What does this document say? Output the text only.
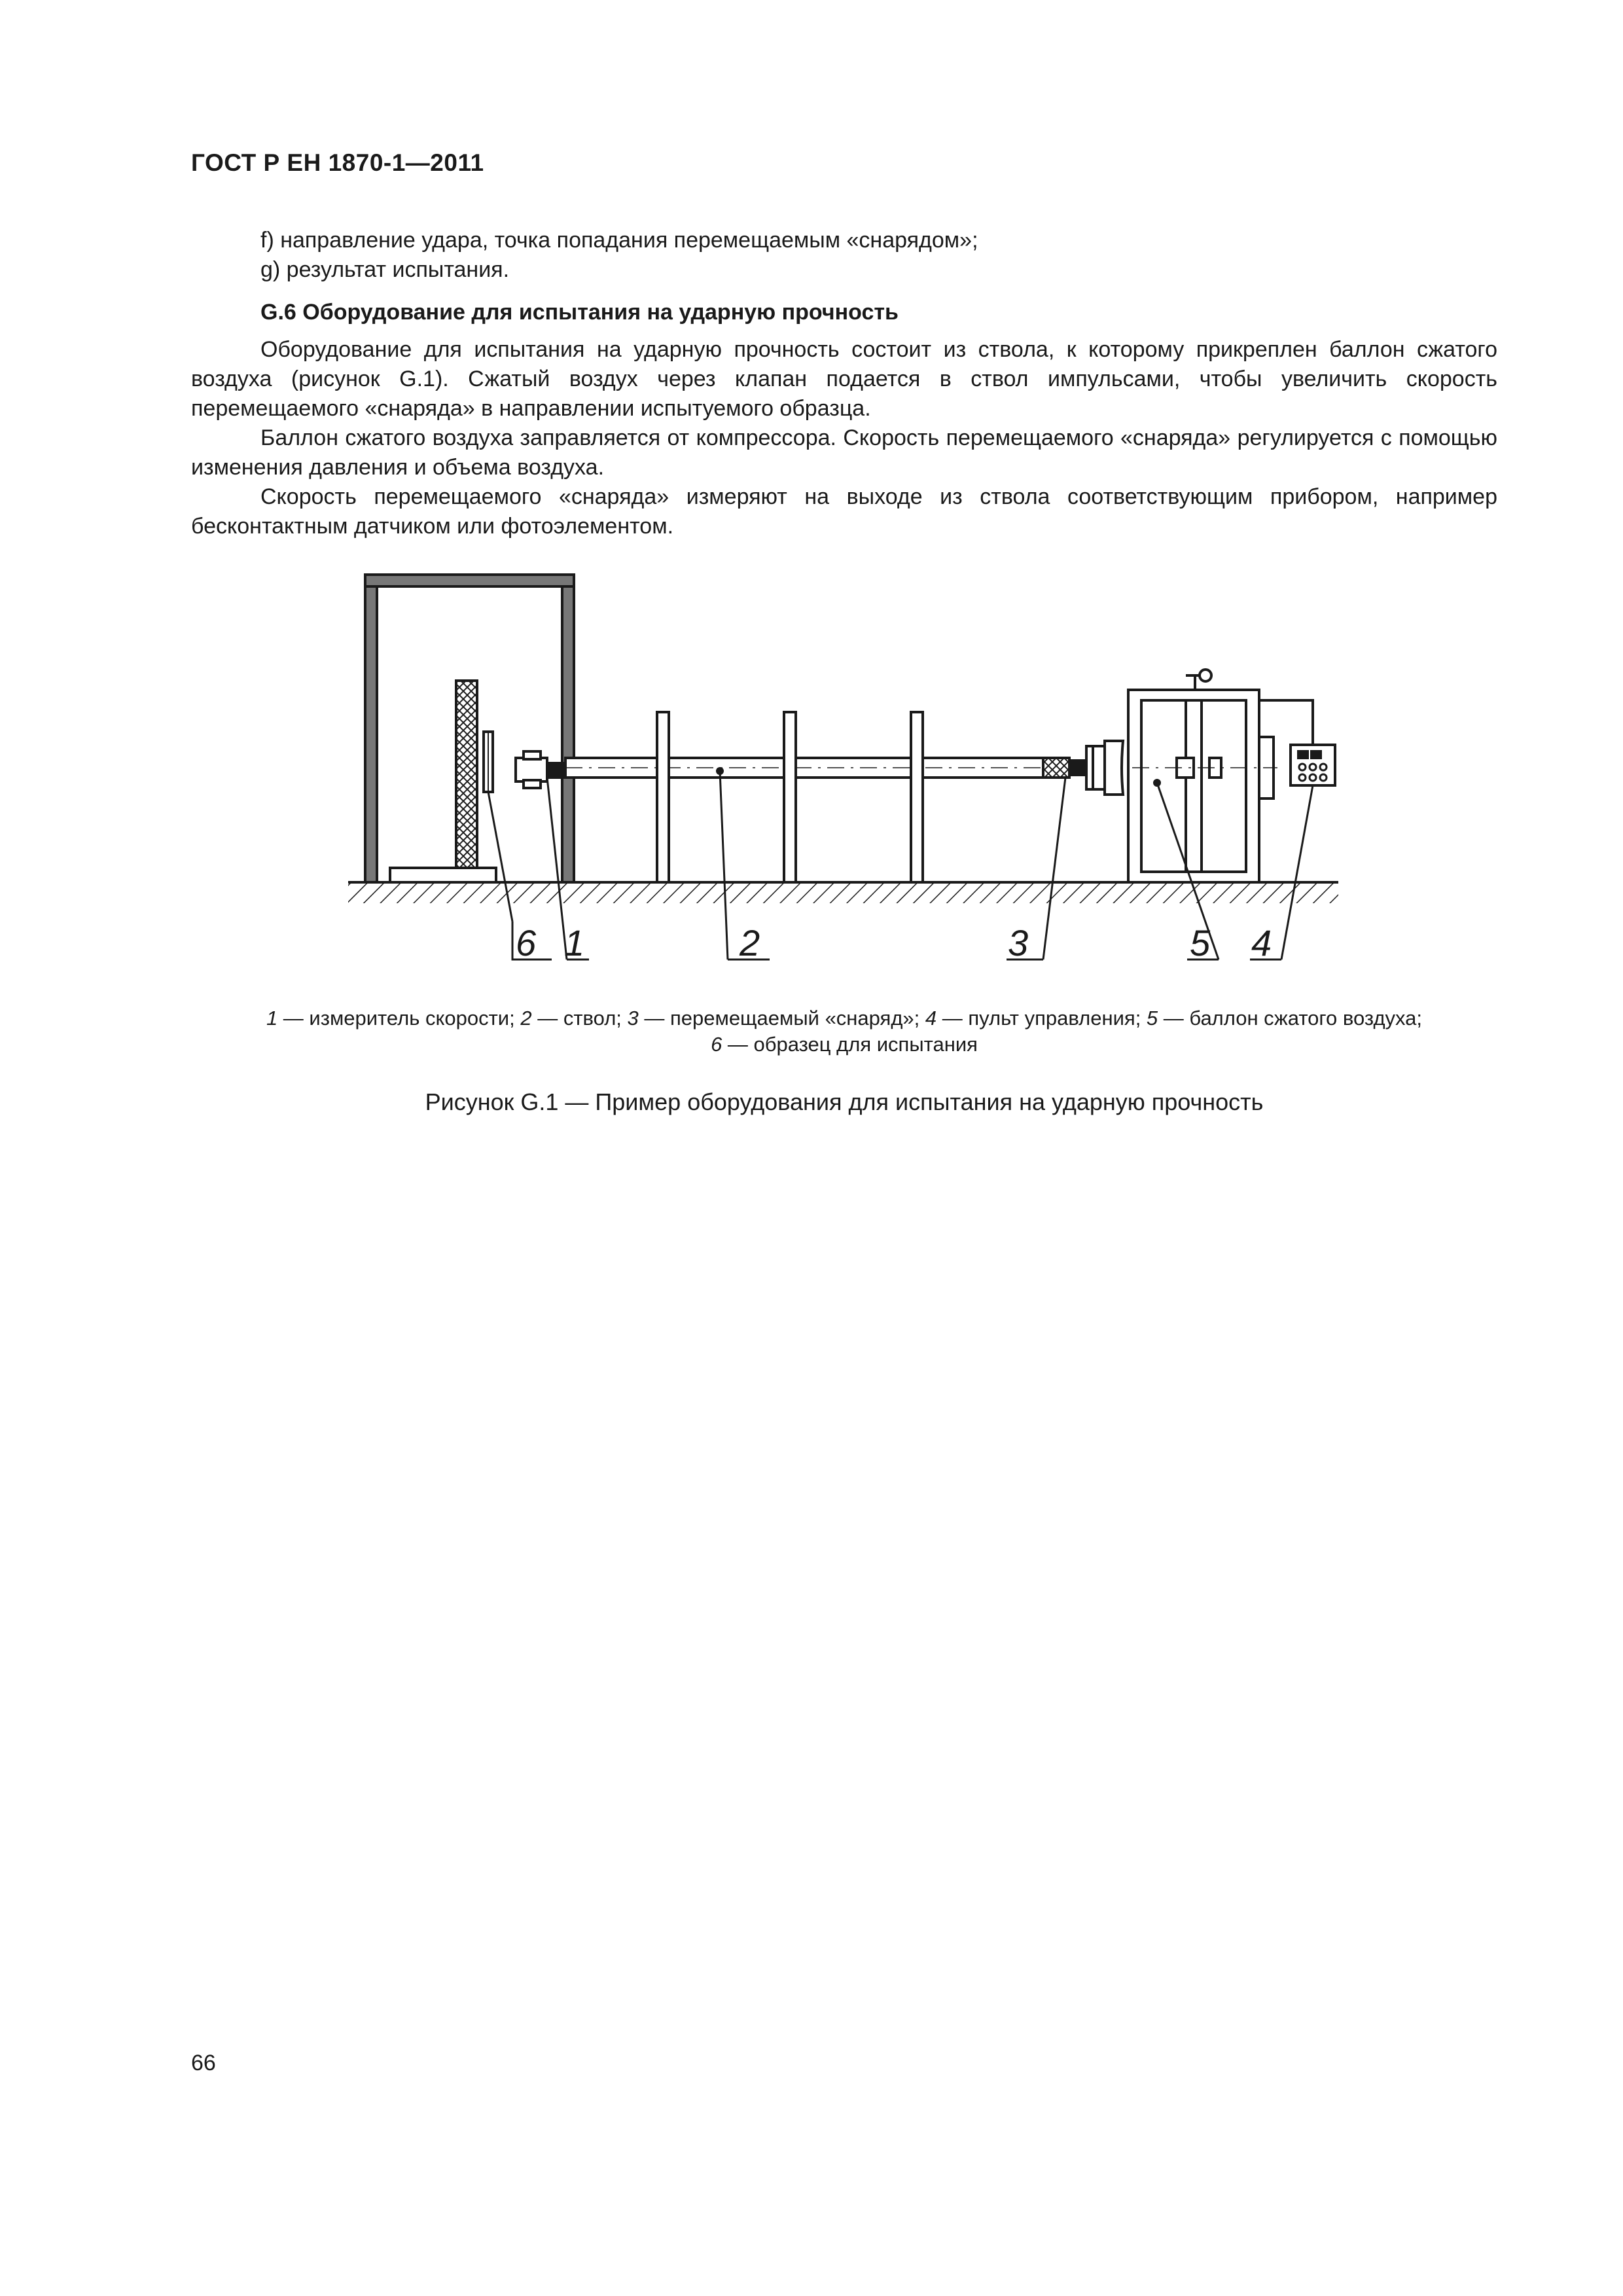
ГОСТ Р ЕН 1870-1—2011
f) направление удара, точка попадания перемещаемым «снарядом»;
g) результат испытания.
G.6 Оборудование для испытания на ударную прочность

Оборудование для испытания на ударную прочность состоит из ствола, к которому прикреплен баллон сжатого воздуха (рисунок G.1). Сжатый воздух через клапан подается в ствол импульсами, чтобы увеличить скорость перемещаемого «снаряда» в направлении испытуемого образца.

Баллон сжатого воздуха заправляется от компрессора. Скорость перемещаемого «снаряда» регулируется с помощью изменения давления и объема воздуха.

Скорость перемещаемого «снаряда» измеряют на выходе из ствола соответствующим прибором, например бесконтактным датчиком или фотоэлементом.

6 1	2	3	5 4
1 — измеритель скорости; 2 — ствол; 3 — перемещаемый «снаряд»; 4 — пульт управления; 5 — баллон сжатого воздуха;
6 — образец для испытания
Рисунок G.1 — Пример оборудования для испытания на ударную прочность
66
